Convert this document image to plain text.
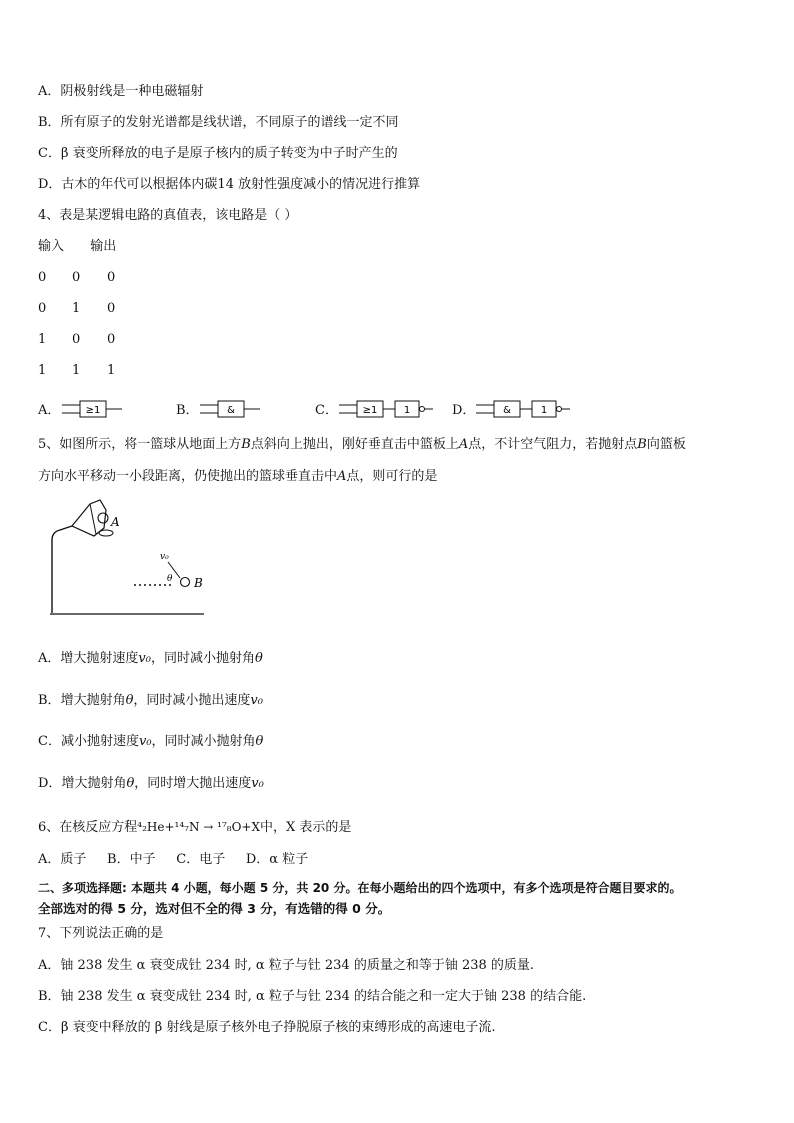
A．阴极射线是一种电磁辐射
B．所有原子的发射光谱都是线状谱，不同原子的谱线一定不同
C．β 衰变所释放的电子是原子核内的质子转变为中子时产生的
D．古木的年代可以根据体内碳14 放射性强度减小的情况进行推算
4、表是某逻辑电路的真值表，该电路是（ ）
输入 输出
0	0	0
0	1	0
1	0	0
1	1	1
A．	≥1	B．	&	C． ≥1	1	D．	&	1
5、如图所示，将一篮球从地面上方B点斜向上抛出，刚好垂直击中篮板上A点，不计空气阻力，若抛射点B向篮板
方向水平移动一小段距离，仍使抛出的篮球垂直击中A点，则可行的是
A
v₀
θ B
A．增大抛射速度v₀，同时减小抛射角θ
B．增大抛射角θ，同时减小抛出速度v₀
C．减小抛射速度v₀，同时减小抛射角θ
D．增大抛射角θ，同时增大抛出速度v₀
6、在核反应方程⁴₂He+¹⁴₇N → ¹⁷₈O+X中，X 表示的是
A．质子     B．中子     C．电子     D．α 粒子
二、多项选择题: 本题共 4 小题，每小题 5 分，共 20 分。在每小题给出的四个选项中，有多个选项是符合题目要求的。
全部选对的得 5 分，选对但不全的得 3 分，有选错的得 0 分。
7、下列说法正确的是
A．铀 238 发生 α 衰变成钍 234 时, α 粒子与钍 234 的质量之和等于铀 238 的质量.
B．铀 238 发生 α 衰变成钍 234 时, α 粒子与钍 234 的结合能之和一定大于铀 238 的结合能.
C．β 衰变中释放的 β 射线是原子核外电子挣脱原子核的束缚形成的高速电子流.
